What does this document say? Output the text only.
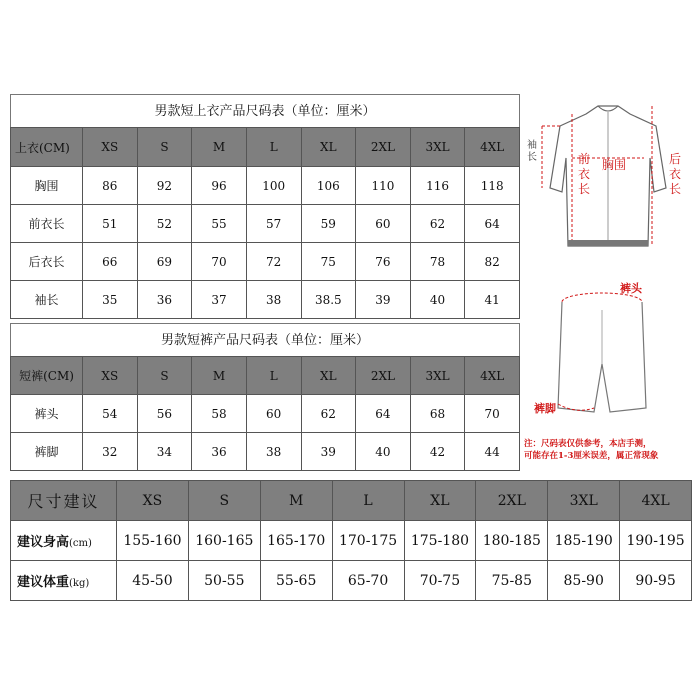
男款短上衣产品尺码表（单位：厘米）
上衣(CM)	XS	S	M	L	XL	2XL	3XL	4XL
胸围	86	92	96	100	106	110	116	118
前衣长	51	52	55	57	59	60	62	64
后衣长	66	69	70	72	75	76	78	82
袖长	35	36	37	38	38.5	39	40	41
男款短裤产品尺码表（单位：厘米）
短裤(CM)	XS	S	M	L	XL	2XL	3XL	4XL
裤头	54	56	58	60	62	64	68	70
裤脚	32	34	36	38	39	40	42	44
袖
长	前
衣
长
胸围	后
衣
长
裤头
裤脚
注：尺码表仅供参考，本店手测，
可能存在1-3厘米误差，属正常现象
尺寸建议	XS	S	M	L	XL	2XL	3XL	4XL
建议身高(cm)	155-160	160-165	165-170	170-175	175-180	180-185	185-190	190-195
建议体重(kg)	45-50	50-55	55-65	65-70	70-75	75-85	85-90	90-95
